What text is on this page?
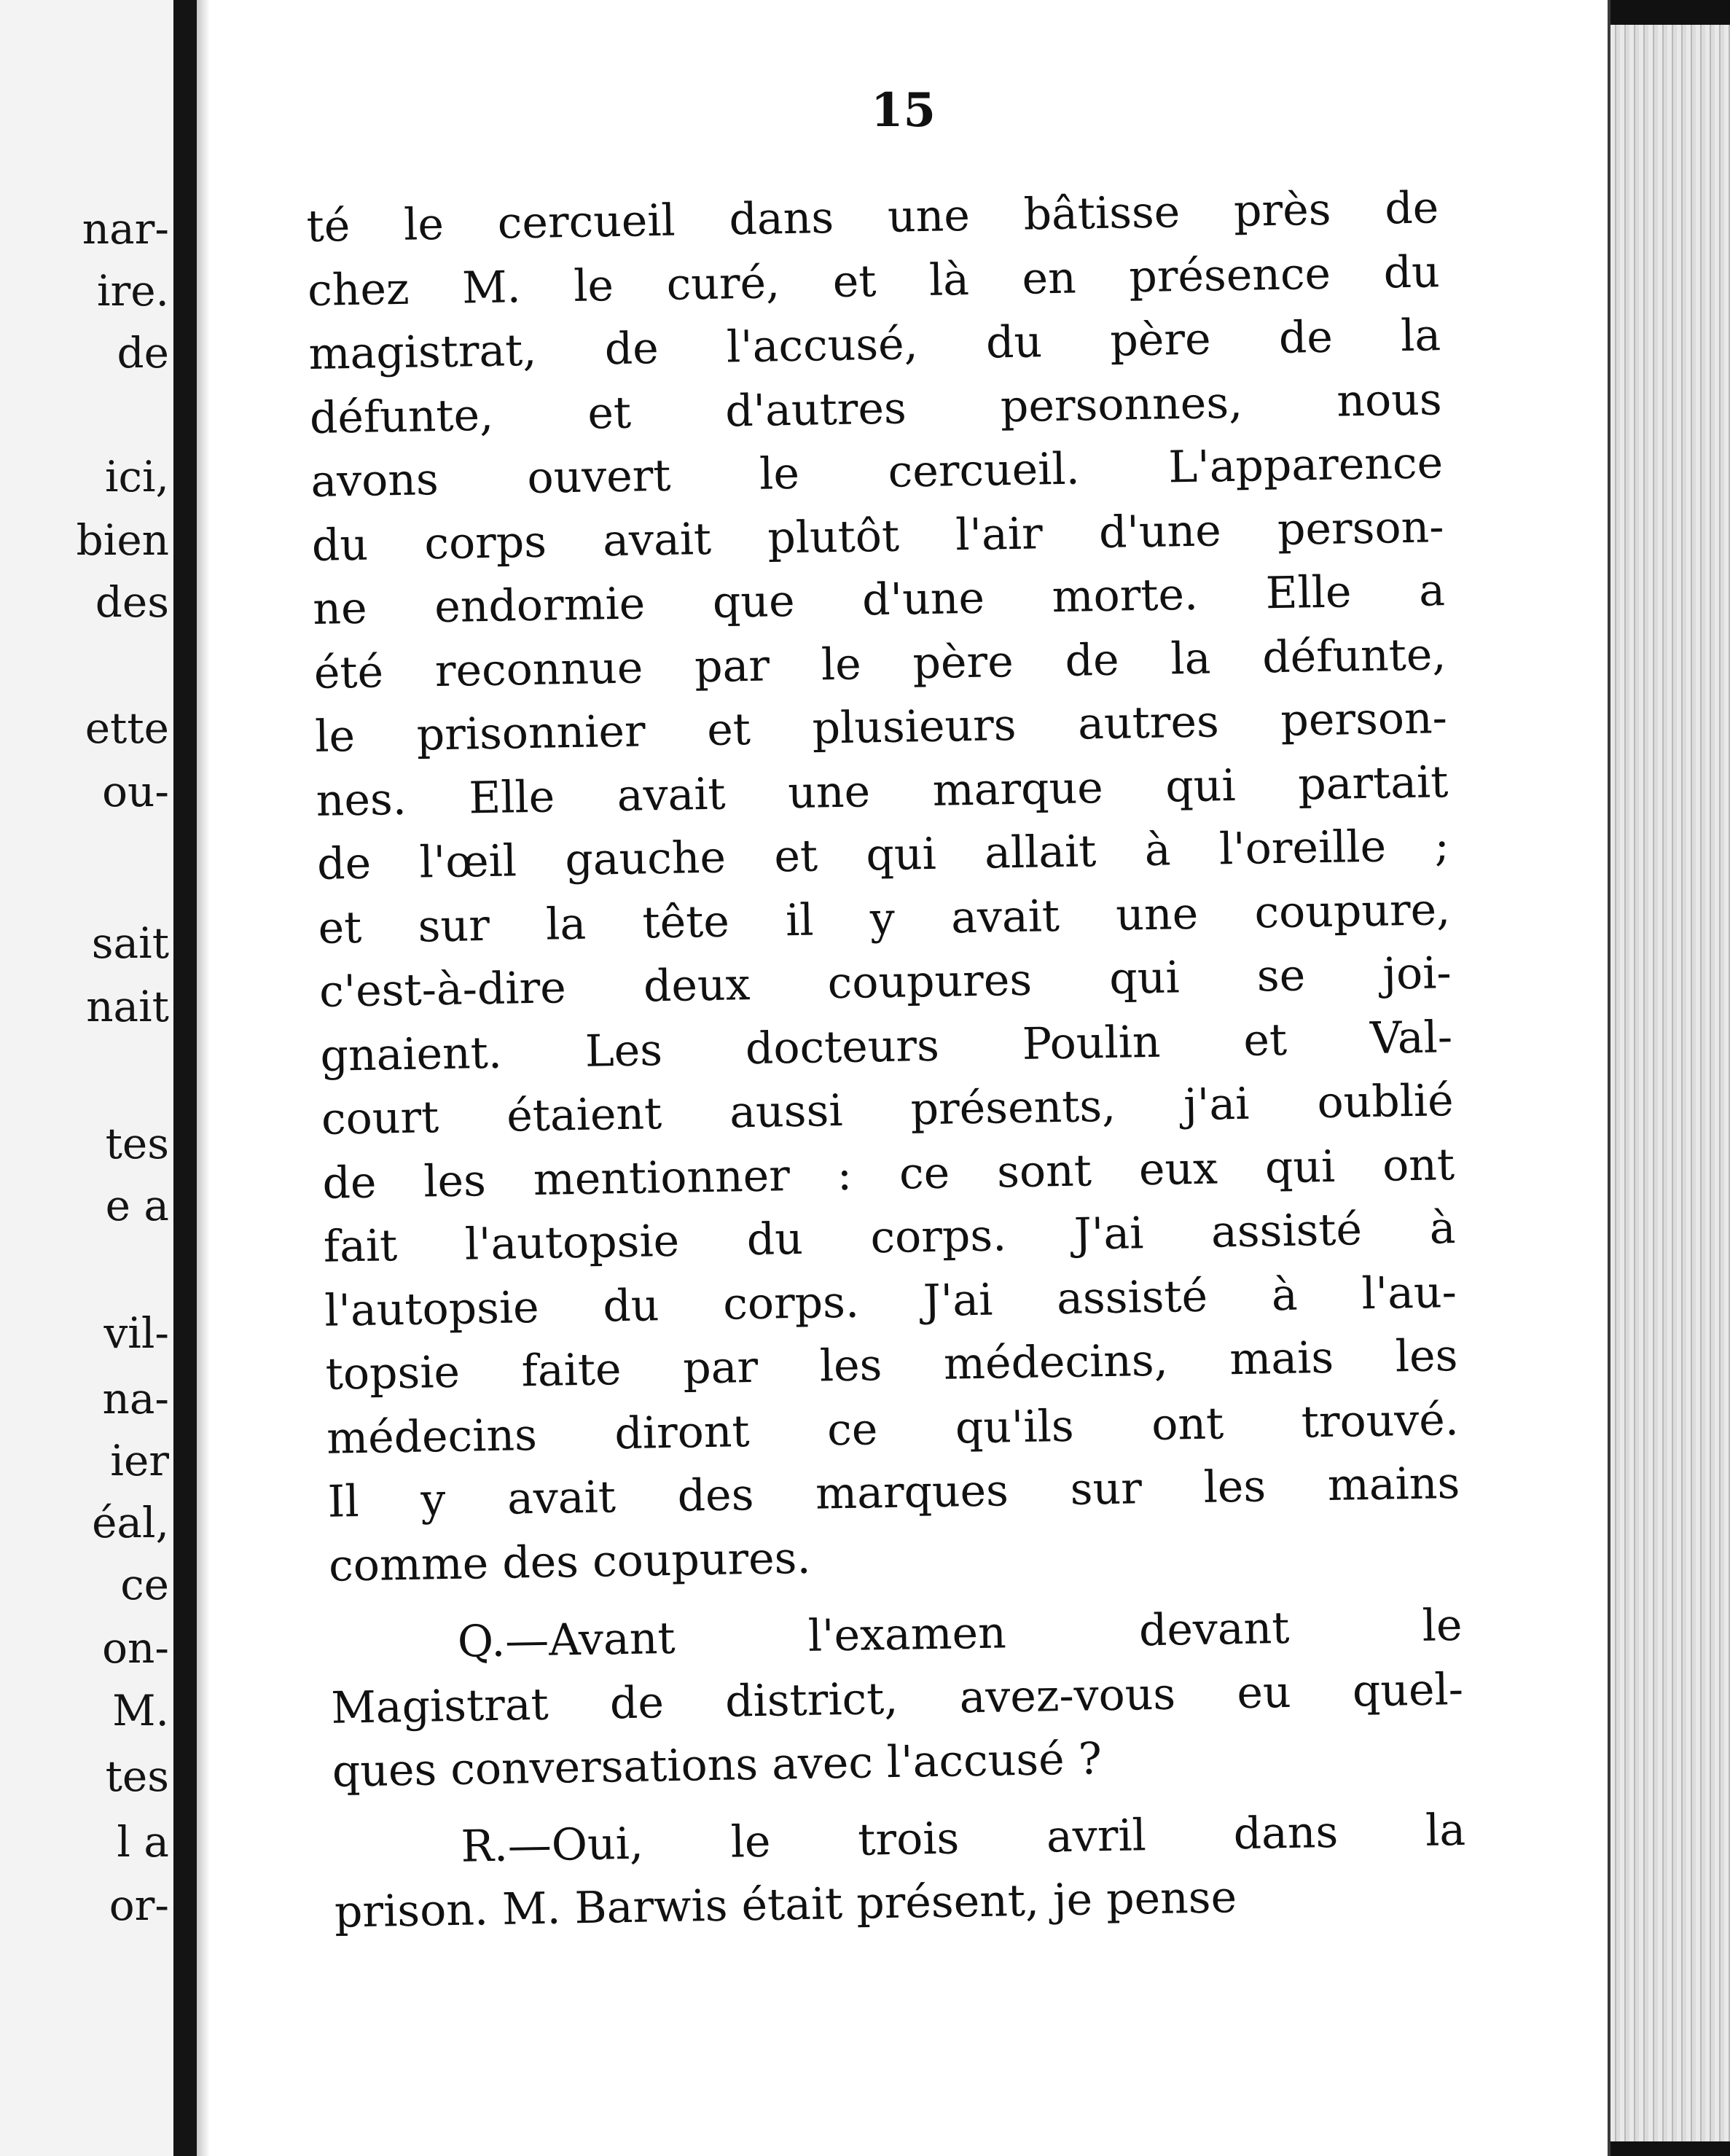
nar-
ire.
de
ici,
bien
des
ette
ou-
sait
nait
tes
e a
vil-
na-
ier
éal,
ce
on-
M.
tes
l a
or-
15
té le cercueil dans une bâtisse près de
chez M. le curé, et là en présence du
magistrat, de l'accusé, du père de la
défunte, et d'autres personnes, nous
avons ouvert le cercueil. L'apparence
du corps avait plutôt l'air d'une person-
ne endormie que d'une morte. Elle a
été reconnue par le père de la défunte,
le prisonnier et plusieurs autres person-
nes. Elle avait une marque qui partait
de l'œil gauche et qui allait à l'oreille ;
et sur la tête il y avait une coupure,
c'est-à-dire deux coupures qui se joi-
gnaient. Les docteurs Poulin et Val-
court étaient aussi présents, j'ai oublié
de les mentionner : ce sont eux qui ont
fait l'autopsie du corps. J'ai assisté à
l'autopsie du corps. J'ai assisté à l'au-
topsie faite par les médecins, mais les
médecins diront ce qu'ils ont trouvé.
Il y avait des marques sur les mains
comme des coupures.
Q.—Avant l'examen devant le
Magistrat de district, avez-vous eu quel-
ques conversations avec l'accusé ?
R.—Oui, le trois avril dans la
prison. M. Barwis était présent, je pense
